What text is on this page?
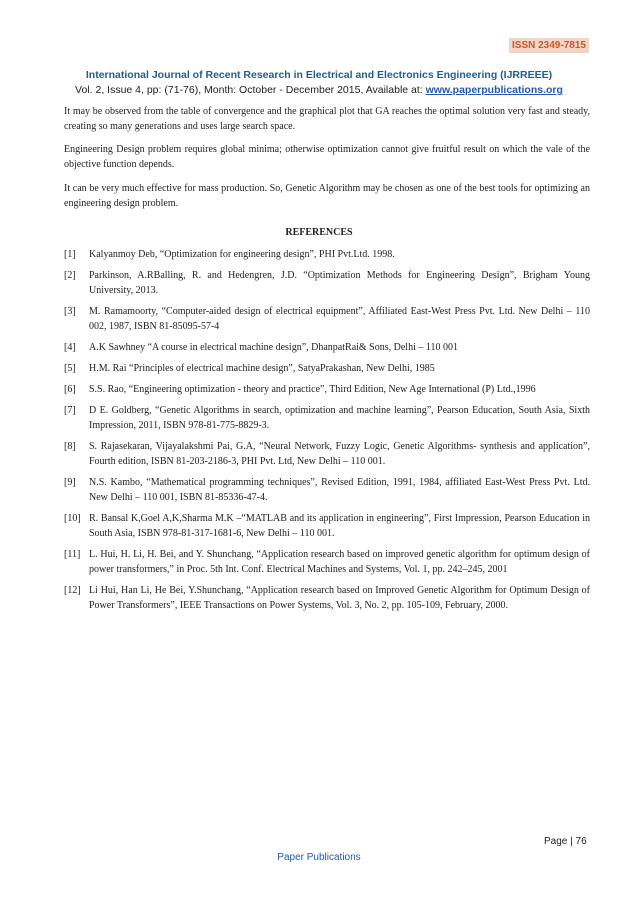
ISSN 2349-7815
International Journal of Recent Research in Electrical and Electronics Engineering (IJRREEE)
Vol. 2, Issue 4, pp: (71-76), Month: October - December 2015, Available at: www.paperpublications.org
It may be observed from the table of convergence and the graphical plot that GA reaches the optimal solution very fast and steady, creating so many generations and uses large search space.
Engineering Design problem requires global minima; otherwise optimization cannot give fruitful result on which the vale of the objective function depends.
It can be very much effective for mass production. So, Genetic Algorithm may be chosen as one of the best tools for optimizing an engineering design problem.
REFERENCES
[1]	Kalyanmoy Deb, “Optimization for engineering design”, PHI Pvt.Ltd. 1998.
[2]	Parkinson, A.RBalling, R. and Hedengren, J.D. “Optimization Methods for Engineering Design”, Brigham Young University, 2013.
[3]	M. Ramamoorty, “Computer-aided design of electrical equipment”, Affiliated East-West Press Pvt. Ltd. New Delhi – 110 002, 1987, ISBN 81-85095-57-4
[4]	A.K Sawhney “A course in electrical machine design”, DhanpatRai& Sons, Delhi – 110 001
[5]	H.M. Rai “Principles of electrical machine design”, SatyaPrakashan, New Delhi, 1985
[6]	S.S. Rao, “Engineering optimization - theory and practice”, Third Edition, New Age International (P) Ltd.,1996
[7]	D E. Goldberg, “Genetic Algorithms in search, optimization and machine learning”, Pearson Education, South Asia, Sixth Impression, 2011, ISBN 978-81-775-8829-3.
[8]	S. Rajasekaran, Vijayalakshmi Pai, G.A, “Neural Network, Fuzzy Logic, Genetic Algorithms- synthesis and application”, Fourth edition, ISBN 81-203-2186-3, PHI Pvt. Ltd, New Delhi – 110 001.
[9]	N.S. Kambo, “Mathematical programming techniques”, Revised Edition, 1991, 1984, affiliated East-West Press Pvt. Ltd. New Delhi – 110 001, ISBN 81-85336-47-4.
[10] R. Bansal K,Goel A,K,Sharma M.K –“MATLAB and its application in engineering”, First Impression, Pearson Education in South Asia, ISBN 978-81-317-1681-6, New Delhi – 110 001.
[11] L. Hui, H. Li, H. Bei, and Y. Shunchang, “Application research based on improved genetic algorithm for optimum design of power transformers,” in Proc. 5th Int. Conf. Electrical Machines and Systems, Vol. 1, pp. 242–245, 2001
[12] Li Hui, Han Li, He Bei, Y.Shunchang, “Application research based on Improved Genetic Algorithm for Optimum Design of Power Transformers”, IEEE Transactions on Power Systems, Vol. 3, No. 2, pp. 105-109, February, 2000.
Page | 76
Paper Publications
